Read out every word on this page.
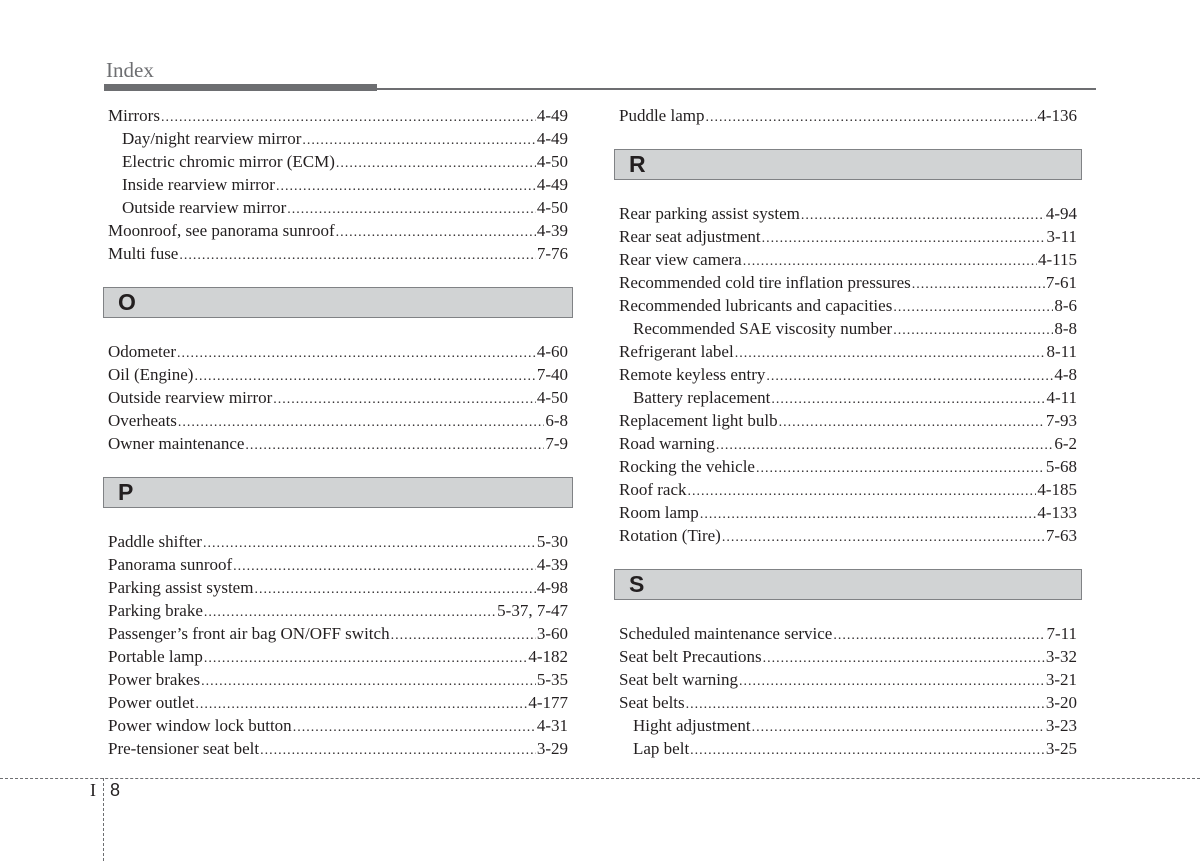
Index
Mirrors .....	4-49
Day/night rearview mirror .....	4-49
Electric chromic mirror (ECM) .....	4-50
Inside rearview mirror .....	4-49
Outside rearview mirror .....	4-50
Moonroof, see panorama sunroof .....	4-39
Multi fuse .....	7-76
O
Odometer .....	4-60
Oil (Engine) .....	7-40
Outside rearview mirror .....	4-50
Overheats .....	6-8
Owner maintenance .....	7-9
P
Paddle shifter .....	5-30
Panorama sunroof .....	4-39
Parking assist system .....	4-98
Parking brake .....	5-37, 7-47
Passenger’s front air bag ON/OFF switch .....	3-60
Portable lamp .....	4-182
Power brakes .....	5-35
Power outlet .....	4-177
Power window lock button .....	4-31
Pre-tensioner seat belt .....	3-29
Puddle lamp .....	4-136
R
Rear parking assist system .....	4-94
Rear seat adjustment .....	3-11
Rear view camera .....	4-115
Recommended cold tire inflation pressures .....	7-61
Recommended lubricants and capacities .....	8-6
Recommended SAE viscosity number .....	8-8
Refrigerant label .....	8-11
Remote keyless entry .....	4-8
Battery replacement .....	4-11
Replacement light bulb .....	7-93
Road warning .....	6-2
Rocking the vehicle .....	5-68
Roof rack .....	4-185
Room lamp .....	4-133
Rotation (Tire) .....	7-63
S
Scheduled maintenance service .....	7-11
Seat belt Precautions .....	3-32
Seat belt warning .....	3-21
Seat belts .....	3-20
Hight adjustment .....	3-23
Lap belt .....	3-25
I 8
